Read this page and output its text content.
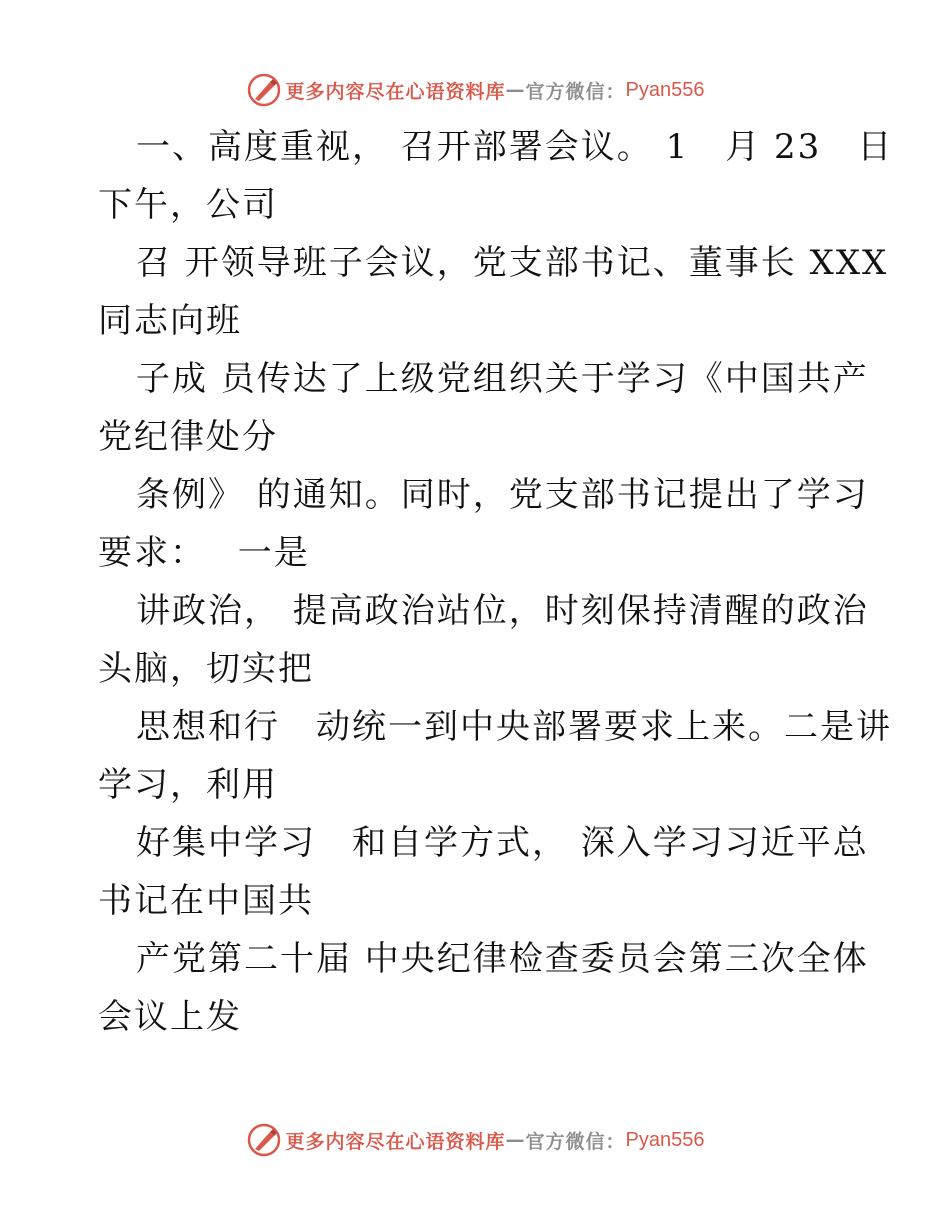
更多内容尽在心语资料库 — 官方微信： Pyan556
一、高度重视， 召开部署会议。 1　月 23　日
下午，公司
召 开领导班子会议，党支部书记、董事长 XXX
同志向班
子成 员传达了上级党组织关于学习《中国共产
党纪律处分
条例》 的通知。同时，党支部书记提出了学习
要求：　 一是
讲政治， 提高政治站位，时刻保持清醒的政治
头脑，切实把
思想和行　动统一到中央部署要求上来。二是讲
学习，利用
好集中学习　和自学方式， 深入学习习近平总
书记在中国共
产党第二十届 中央纪律检查委员会第三次全体
会议上发
更多内容尽在心语资料库 — 官方微信： Pyan556
